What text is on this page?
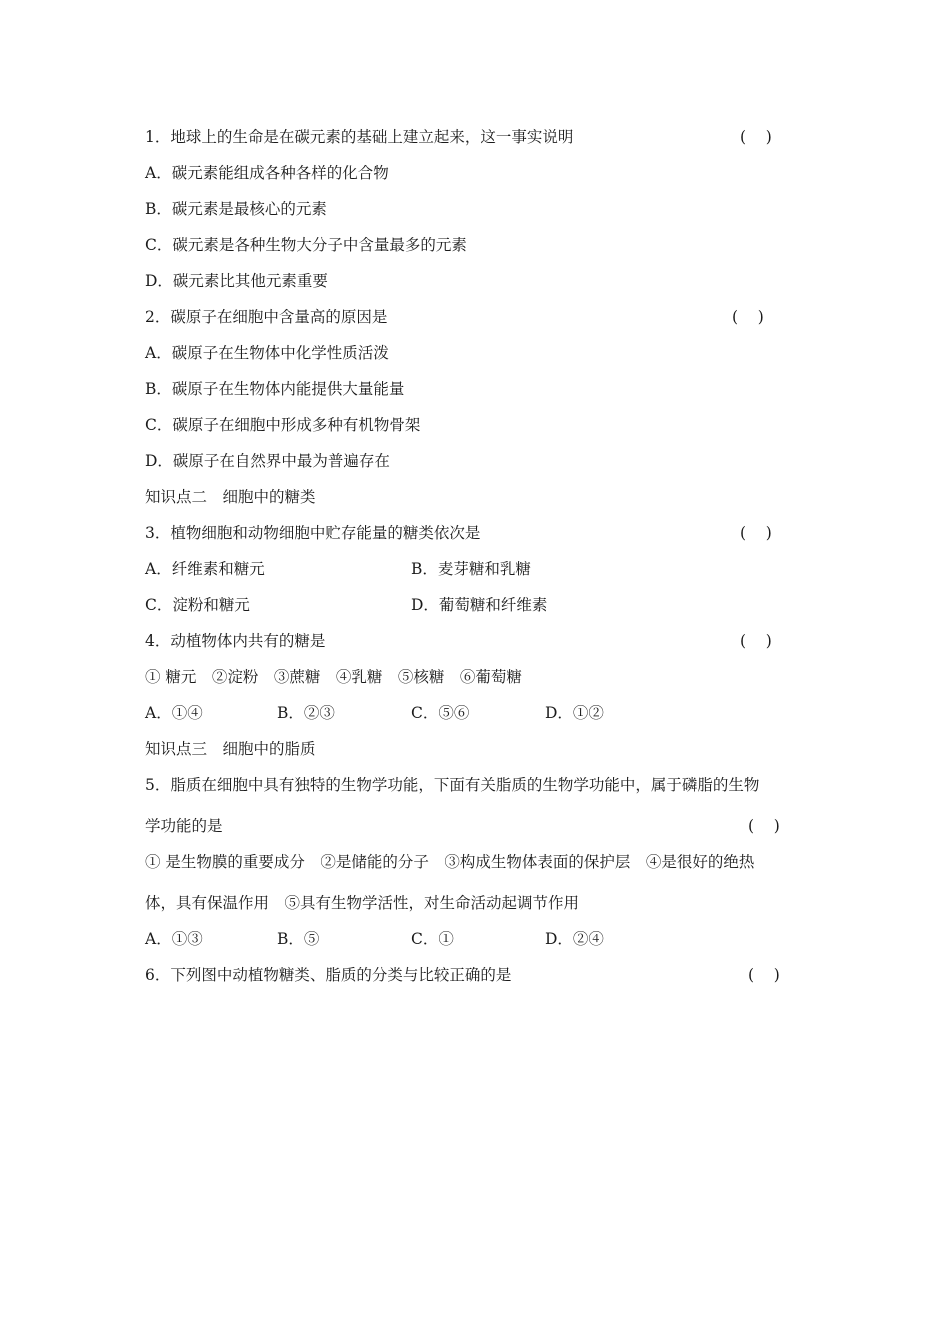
1．地球上的生命是在碳元素的基础上建立起来，这一事实说明	(    )
A．碳元素能组成各种各样的化合物
B．碳元素是最核心的元素
C．碳元素是各种生物大分子中含量最多的元素
D．碳元素比其他元素重要
2．碳原子在细胞中含量高的原因是	(    )
A．碳原子在生物体中化学性质活泼
B．碳原子在生物体内能提供大量能量
C．碳原子在细胞中形成多种有机物骨架
D．碳原子在自然界中最为普遍存在
知识点二　细胞中的糖类
3．植物细胞和动物细胞中贮存能量的糖类依次是	(    )
A．纤维素和糖元	B．麦芽糖和乳糖
C．淀粉和糖元	D．葡萄糖和纤维素
4．动植物体内共有的糖是	(    )
① 糖元　②淀粉　③蔗糖　④乳糖　⑤核糖　⑥葡萄糖
A．①④	B．②③	C．⑤⑥	D．①②
知识点三　细胞中的脂质
5．脂质在细胞中具有独特的生物学功能，下面有关脂质的生物学功能中，属于磷脂的生物
学功能的是	(    )
① 是生物膜的重要成分　②是储能的分子　③构成生物体表面的保护层　④是很好的绝热
体，具有保温作用　⑤具有生物学活性，对生命活动起调节作用
A．①③	B．⑤	C．①	D．②④
6．下列图中动植物糖类、脂质的分类与比较正确的是	(    )
